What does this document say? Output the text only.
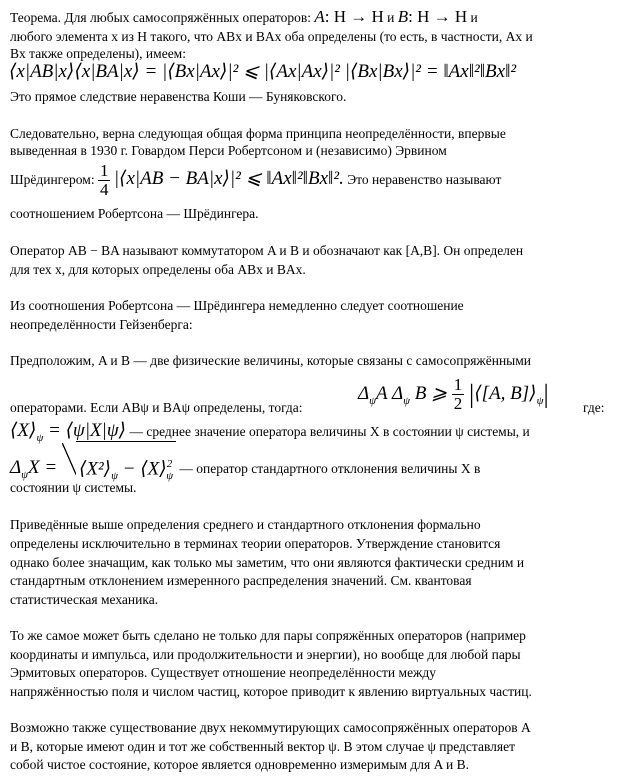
Теорема. Для любых самосопряжённых операторов: A: H → H и B: H → H и
любого элемента x из H такого, что ABx и BAx оба определены (то есть, в частности, Ax и
Bx также определены), имеем:
⟨x|AB|x⟩⟨x|BA|x⟩ = |⟨Bx|Ax⟩|² ⩽ |⟨Ax|Ax⟩|² |⟨Bx|Bx⟩|² = ‖Ax‖²‖Bx‖²
Это прямое следствие неравенства Коши — Буняковского.
Следовательно, верна следующая общая форма принципа неопределённости, впервые
выведенная в 1930 г. Говардом Перси Робертсоном и (независимо) Эрвином
Шрёдингером: $\frac{1}{4}$ |⟨x|AB − BA|x⟩|² ⩽ ‖Ax‖²‖Bx‖². Это неравенство называют
соотношением Робертсона — Шрёдингера.
Оператор AB − BA называют коммутатором A и B и обозначают как [A,B]. Он определен
для тех x, для которых определены оба ABx и BAx.
Из соотношения Робертсона — Шрёдингера немедленно следует соотношение
неопределённости Гейзенберга:
Предположим, A и B — две физические величины, которые связаны с самосопряжёнными
$\Delta_\psi A$ $\Delta_\psi$ B ⩾ $\frac{1}{2}$ |⟨[A, $B]⟩_\psi|$
операторами. Если ABψ и BAψ определены, тогда:	где:
$⟨X⟩_\psi$ = ⟨ψ|X|ψ⟩ — среднее значение оператора величины X в состоянии ψ системы, и
$\Delta_\psi X$ = $⟨X^2⟩_\psi$ − ⟨X⟩$^2_\psi$ — оператор стандартного отклонения величины X в
состоянии ψ системы.
Приведённые выше определения среднего и стандартного отклонения формально
определены исключительно в терминах теории операторов. Утверждение становится
однако более значащим, как только мы заметим, что они являются фактически средним и
стандартным отклонением измеренного распределения значений. См. квантовая
статистическая механика.
То же самое может быть сделано не только для пары сопряжённых операторов (например
координаты и импульса, или продолжительности и энергии), но вообще для любой пары
Эрмитовых операторов. Существует отношение неопределённости между
напряжённостью поля и числом частиц, которое приводит к явлению виртуальных частиц.
Возможно также существование двух некоммутирующих самосопряжённых операторов A
и B, которые имеют один и тот же собственный вектор ψ. В этом случае ψ представляет
собой чистое состояние, которое является одновременно измеримым для A и B.
